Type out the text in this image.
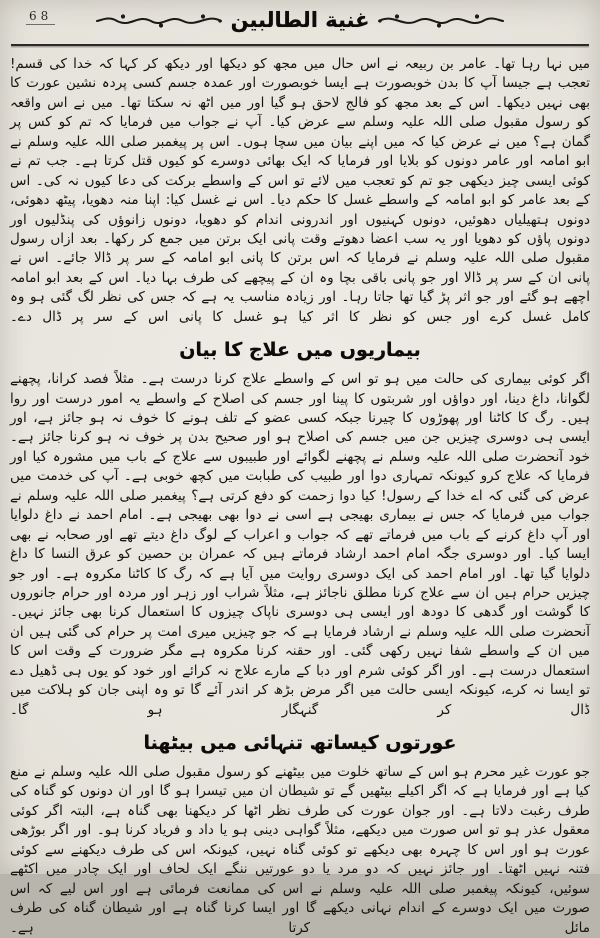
68	غنية الطالبين

میں نہا رہا تھا۔ عامر بن ربیعہ نے اس حال میں مجھ کو دیکھا اور دیکھ کر کہا کہ خدا کی قسم! تعجب ہے جیسا آپ کا بدن خوبصورت ہے ایسا خوبصورت اور عمدہ جسم کسی پردہ نشین عورت کا بھی نہیں دیکھا۔ اس کے بعد مجھ کو فالج لاحق ہو گیا اور میں اٹھ نہ سکتا تھا۔ میں نے اس واقعہ کو رسول مقبول صلی اللہ علیہ وسلم سے عرض کیا۔ آپ نے جواب میں فرمایا کہ تم کو کس پر گمان ہے؟ میں نے عرض کیا کہ میں اپنے بیان میں سچا ہوں۔ اس پر پیغمبر صلی اللہ علیہ وسلم نے ابو امامہ اور عامر دونوں کو بلایا اور فرمایا کہ ایک بھائی دوسرے کو کیوں قتل کرتا ہے۔ جب تم نے کوئی ایسی چیز دیکھی جو تم کو تعجب میں لائے تو اس کے واسطے برکت کی دعا کیوں نہ کی۔ اس کے بعد عامر کو ابو امامہ کے واسطے غسل کا حکم دیا۔ اس نے غسل کیا: اپنا منہ دھویا، پیٹھ دھوئی، دونوں ہتھیلیاں دھوئیں، دونوں کہنیوں اور اندرونی اندام کو دھویا، دونوں زانوؤں کی پنڈلیوں اور دونوں پاؤں کو دھویا اور یہ سب اعضا دھوتے وقت پانی ایک برتن میں جمع کر رکھا۔ بعد ازاں رسول مقبول صلی اللہ علیہ وسلم نے فرمایا کہ اس برتن کا پانی ابو امامہ کے سر پر ڈالا جائے۔ اس نے پانی ان کے سر پر ڈالا اور جو پانی باقی بچا وہ ان کے پیچھے کی طرف بہا دیا۔ اس کے بعد ابو امامہ اچھے ہو گئے اور جو اثر پڑ گیا تھا جاتا رہا۔ اور زیادہ مناسب یہ ہے کہ جس کی نظر لگ گئی ہو وہ کامل غسل کرے اور جس کو نظر کا اثر کیا ہو غسل کا پانی اس کے سر پر ڈال دے۔

بیماریوں میں علاج کا بیان

اگر کوئی بیماری کی حالت میں ہو تو اس کے واسطے علاج کرنا درست ہے۔ مثلاً فصد کرانا، پچھنے لگوانا، داغ دینا، اور دواؤں اور شربتوں کا پینا اور جسم کی اصلاح کے واسطے یہ امور درست اور روا ہیں۔ رگ کا کاٹنا اور پھوڑوں کا چیرنا جبکہ کسی عضو کے تلف ہونے کا خوف نہ ہو جائز ہے، اور ایسی ہی دوسری چیزیں جن میں جسم کی اصلاح ہو اور صحیح بدن پر خوف نہ ہو کرنا جائز ہے۔ خود آنحضرت صلی اللہ علیہ وسلم نے پچھنے لگوائے اور طبیبوں سے علاج کے باب میں مشورہ کیا اور فرمایا کہ علاج کرو کیونکہ تمہاری دوا اور طبیب کی طبابت میں کچھ خوبی ہے۔ آپ کی خدمت میں عرض کی گئی کہ اے خدا کے رسول! کیا دوا زحمت کو دفع کرتی ہے؟ پیغمبر صلی اللہ علیہ وسلم نے جواب میں فرمایا کہ جس نے بیماری بھیجی ہے اسی نے دوا بھی بھیجی ہے۔ امام احمد نے داغ دلوایا اور آپ داغ کرنے کے باب میں فرماتے تھے کہ جواب و اعراب کے لوگ داغ دیتے تھے اور صحابہ نے بھی ایسا کیا۔ اور دوسری جگہ امام احمد ارشاد فرماتے ہیں کہ عمران بن حصین کو عرق النسا کا داغ دلوایا گیا تھا۔ اور امام احمد کی ایک دوسری روایت میں آیا ہے کہ رگ کا کاٹنا مکروہ ہے۔ اور جو چیزیں حرام ہیں ان سے علاج کرنا مطلق ناجائز ہے، مثلاً شراب اور زہر اور مردہ اور حرام جانوروں کا گوشت اور گدھی کا دودھ اور ایسی ہی دوسری ناپاک چیزوں کا استعمال کرنا بھی جائز نہیں۔ آنحضرت صلی اللہ علیہ وسلم نے ارشاد فرمایا ہے کہ جو چیزیں میری امت پر حرام کی گئی ہیں ان میں ان کے واسطے شفا نہیں رکھی گئی۔ اور حقنہ کرنا مکروہ ہے مگر ضرورت کے وقت اس کا استعمال درست ہے۔ اور اگر کوئی شرم اور دبا کے مارے علاج نہ کرائے اور خود کو یوں ہی ڈھیل دے تو ایسا نہ کرے، کیونکہ ایسی حالت میں اگر مرض بڑھ کر اندر آئے گا تو وہ اپنی جان کو ہلاکت میں ڈال کر گنہگار ہو گا۔

عورتوں کیساتھ تنہائی میں بیٹھنا

جو عورت غیر محرم ہو اس کے ساتھ خلوت میں بیٹھنے کو رسول مقبول صلی اللہ علیہ وسلم نے منع کیا ہے اور فرمایا ہے کہ اگر اکیلے بیٹھیں گے تو شیطان ان میں تیسرا ہو گا اور ان دونوں کو گناہ کی طرف رغبت دلاتا ہے۔ اور جوان عورت کی طرف نظر اٹھا کر دیکھنا بھی گناہ ہے، البتہ اگر کوئی معقول عذر ہو تو اس صورت میں دیکھے، مثلاً گواہی دینی ہو یا داد و فریاد کرنا ہو۔ اور اگر بوڑھی عورت ہو اور اس کا چہرہ بھی دیکھے تو کوئی گناہ نہیں، کیونکہ اس کی طرف دیکھنے سے کوئی فتنہ نہیں اٹھتا۔ اور جائز نہیں کہ دو مرد یا دو عورتیں ننگے ایک لحاف اور ایک چادر میں اکٹھے سوئیں، کیونکہ پیغمبر صلی اللہ علیہ وسلم نے اس کی ممانعت فرمائی ہے اور اس لیے کہ اس صورت میں ایک دوسرے کے اندام نہانی دیکھے گا اور ایسا کرنا گناہ ہے اور شیطان گناہ کی طرف مائل کرتا ہے۔
